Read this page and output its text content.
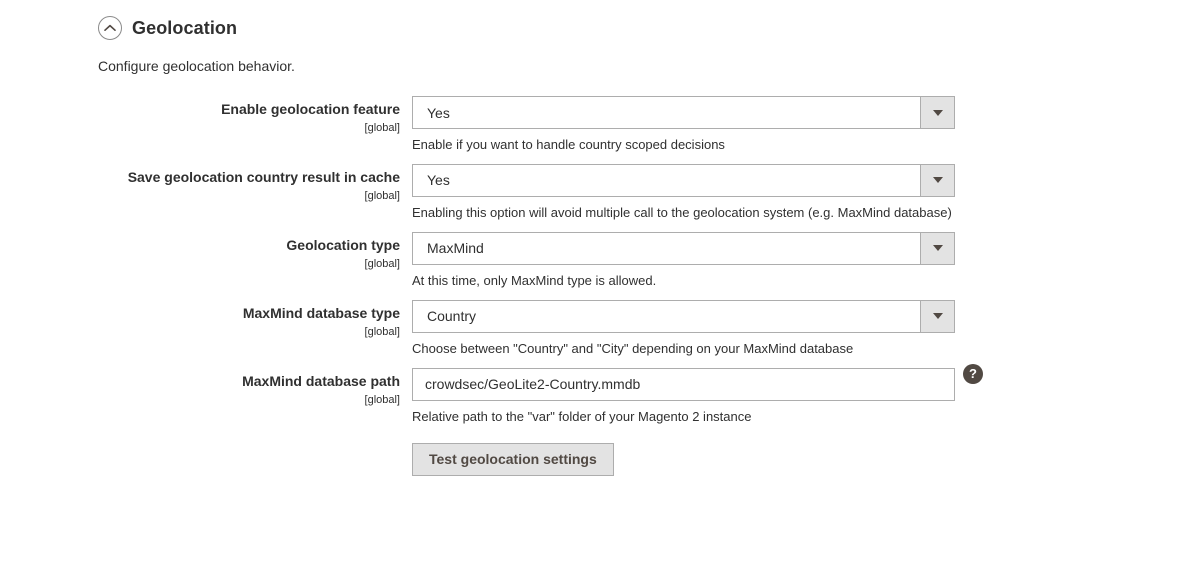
Geolocation
Configure geolocation behavior.
Enable geolocation feature
[global]
Yes
Enable if you want to handle country scoped decisions
Save geolocation country result in cache
[global]
Yes
Enabling this option will avoid multiple call to the geolocation system (e.g. MaxMind database)
Geolocation type
[global]
MaxMind
At this time, only MaxMind type is allowed.
MaxMind database type
[global]
Country
Choose between "Country" and "City" depending on your MaxMind database
MaxMind database path
[global]
crowdsec/GeoLite2-Country.mmdb
?
Relative path to the "var" folder of your Magento 2 instance
Test geolocation settings
